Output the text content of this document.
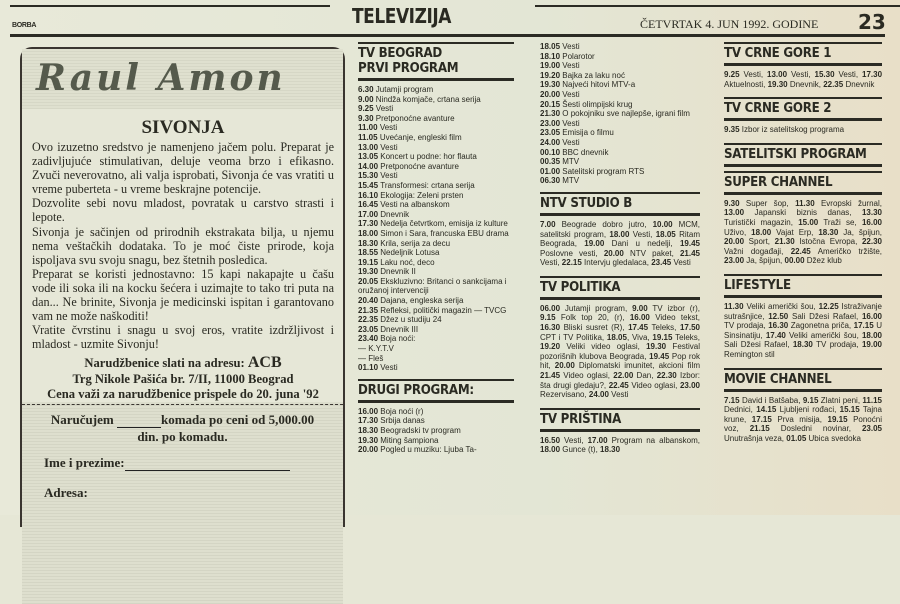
BORBA	TELEVIZIJA	ČETVRTAK 4. JUN 1992. GODINE 23
Raul Amon
SIVONJA

Ovo izuzetno sredstvo je namenjeno jačem polu. Preparat je zadivljujuće stimulativan, deluje veoma brzo i efikasno. Zvuči neverovatno, ali valja isprobati, Sivonja će vas vratiti u vreme puberteta - u vreme beskrajne potencije.

Dozvolite sebi novu mladost, povratak u carstvo strasti i lepote.

Sivonja je sačinjen od prirodnih ekstrakata bilja, u njemu nema veštačkih dodataka. To je moć čiste prirode, koja ispoljava svu svoju snagu, bez štetnih posledica.

Preparat se koristi jednostavno: 15 kapi nakapajte u čašu vode ili soka ili na kocku šećera i uzimajte to tako tri puta na dan... Ne brinite, Sivonja je medicinski ispitan i garantovano vam ne može naškoditi!

Vratite čvrstinu i snagu u svoj eros, vratite izdržljivost i mladost - uzmite Sivonju!

Narudžbenice slati na adresu: ACB
Trg Nikole Pašića br. 7/II, 11000 Beograd
Cena važi za narudžbenice prispele do 20. juna '92
Naručujem	komada po ceni od 5,000.00
din. po komadu.
Ime i prezime:
Adresa:
TV BEOGRAD
PRVI PROGRAM
6.30 Jutamji program
9.00 Nindža komjače, crtana serija
9.25 Vesti
9.30 Pretponoćne avanture
11.00 Vesti
11.05 Uvećanje, engleski film
13.00 Vesti
13.05 Koncert u podne: hor flauta
14.00 Pretponoćne avanture
15.30 Vesti
15.45 Transformesi: crtana serija
16.10 Ekologija: Zeleni prsten
16.45 Vesti na albanskom
17.00 Dnevnik
17.30 Nedelja četvrtkom, emisija iz kulture
18.00 Simon i Sara, francuska EBU drama
18.30 Krila, serija za decu
18.55 Nedeljnik Lotusa
19.15 Laku noć, deco
19.30 Dnevnik II
20.05 Ekskluzivno: Britanci o sankcijama i oružanoj intervenciji
20.40 Dajana, engleska serija
21.35 Refleksi, politički magazin — TVCG
22.35 Džez u studiju 24
23.05 Dnevnik III
23.40 Boja noći:
— K.Y.T.V
— Fleš
01.10 Vesti
DRUGI PROGRAM:
16.00 Boja noći (r)
17.30 Srbija danas
18.30 Beogradski tv program
19.30 Miting šampiona
20.00 Pogled u muziku: Ljuba Ta-
18.05 Vesti
18.10 Polarotor
19.00 Vesti
19.20 Bajka za laku noć
19.30 Najveći hitovi MTV-a
20.00 Vesti
20.15 Šesti olimpijski krug
21.30 O pokojniku sve najlepše, igrani film
23.00 Vesti
23.05 Emisija o filmu
24.00 Vesti
00.10 BBC dnevnik
00.35 MTV
01.00 Satelitski program RTS
06.30 MTV
NTV STUDIO B
7.00 Beograde dobro jutro, 10.00 MCM, satelitski program, 18.00 Vesti, 18.05 Ritam Beograda, 19.00 Dani u nedelji, 19.45 Poslovne vesti, 20.00 NTV paket, 21.45 Vesti, 22.15 Intervju gledalaca, 23.45 Vesti
TV POLITIKA
06.00 Jutamji program, 9.00 TV izbor (r), 9.15 Folk top 20, (r), 16.00 Video tekst, 16.30 Bliski susret (R), 17.45 Teleks, 17.50 CPT i TV Politika, 18.05, Viva, 19.15 Teleks, 19.20 Veliki video oglasi, 19.30 Festival pozorišnih klubova Beograda, 19.45 Pop rok hit, 20.00 Diplomatski imunitet, akcioni film 21.45 Video oglasi, 22.00 Dan, 22.30 Izbor: šta drugi gledaju?, 22.45 Video oglasi, 23.00 Rezervisano, 24.00 Vesti
TV PRIŠTINA
16.50 Vesti, 17.00 Program na albanskom, 18.00 Gunce (t), 18.30
TV CRNE GORE 1
9.25 Vesti, 13.00 Vesti, 15.30 Vesti, 17.30 Aktuelnosti, 19.30 Dnevnik, 22.35 Dnevnik
TV CRNE GORE 2
9.35 Izbor iz satelitskog programa
SATELITSKI PROGRAM
SUPER CHANNEL
9.30 Super šop, 11.30 Evropski žurnal, 13.00 Japanski biznis danas, 13.30 Turistički magazin, 15.00 Traži se, 16.00 Uživo, 18.00 Vajat Erp, 18.30 Ja, špijun, 20.00 Sport, 21.30 Istočna Evropa, 22.30 Važni događaji, 22.45 Američko tržište, 23.00 Ja, špijun, 00.00 Džez klub
LIFESTYLE
11.30 Veliki američki šou, 12.25 Istraživanje sutrašnjice, 12.50 Sali Džesi Rafael, 16.00 TV prodaja, 16.30 Zagonetna priča, 17.15 U Sinsinatiju, 17.40 Veliki američki šou, 18.00 Sali Džesi Rafael, 18.30 TV prodaja, 19.00 Remington stil
MOVIE CHANNEL
7.15 David i Batšaba, 9.15 Zlatni peni, 11.15 Dednici, 14.15 Ljubljeni rođaci, 15.15 Tajna krune, 17.15 Prva misija, 19.15 Ponoćni voz, 21.15 Dosledni novinar, 23.05 Unutrašnja veza, 01.05 Ubica svedoka
